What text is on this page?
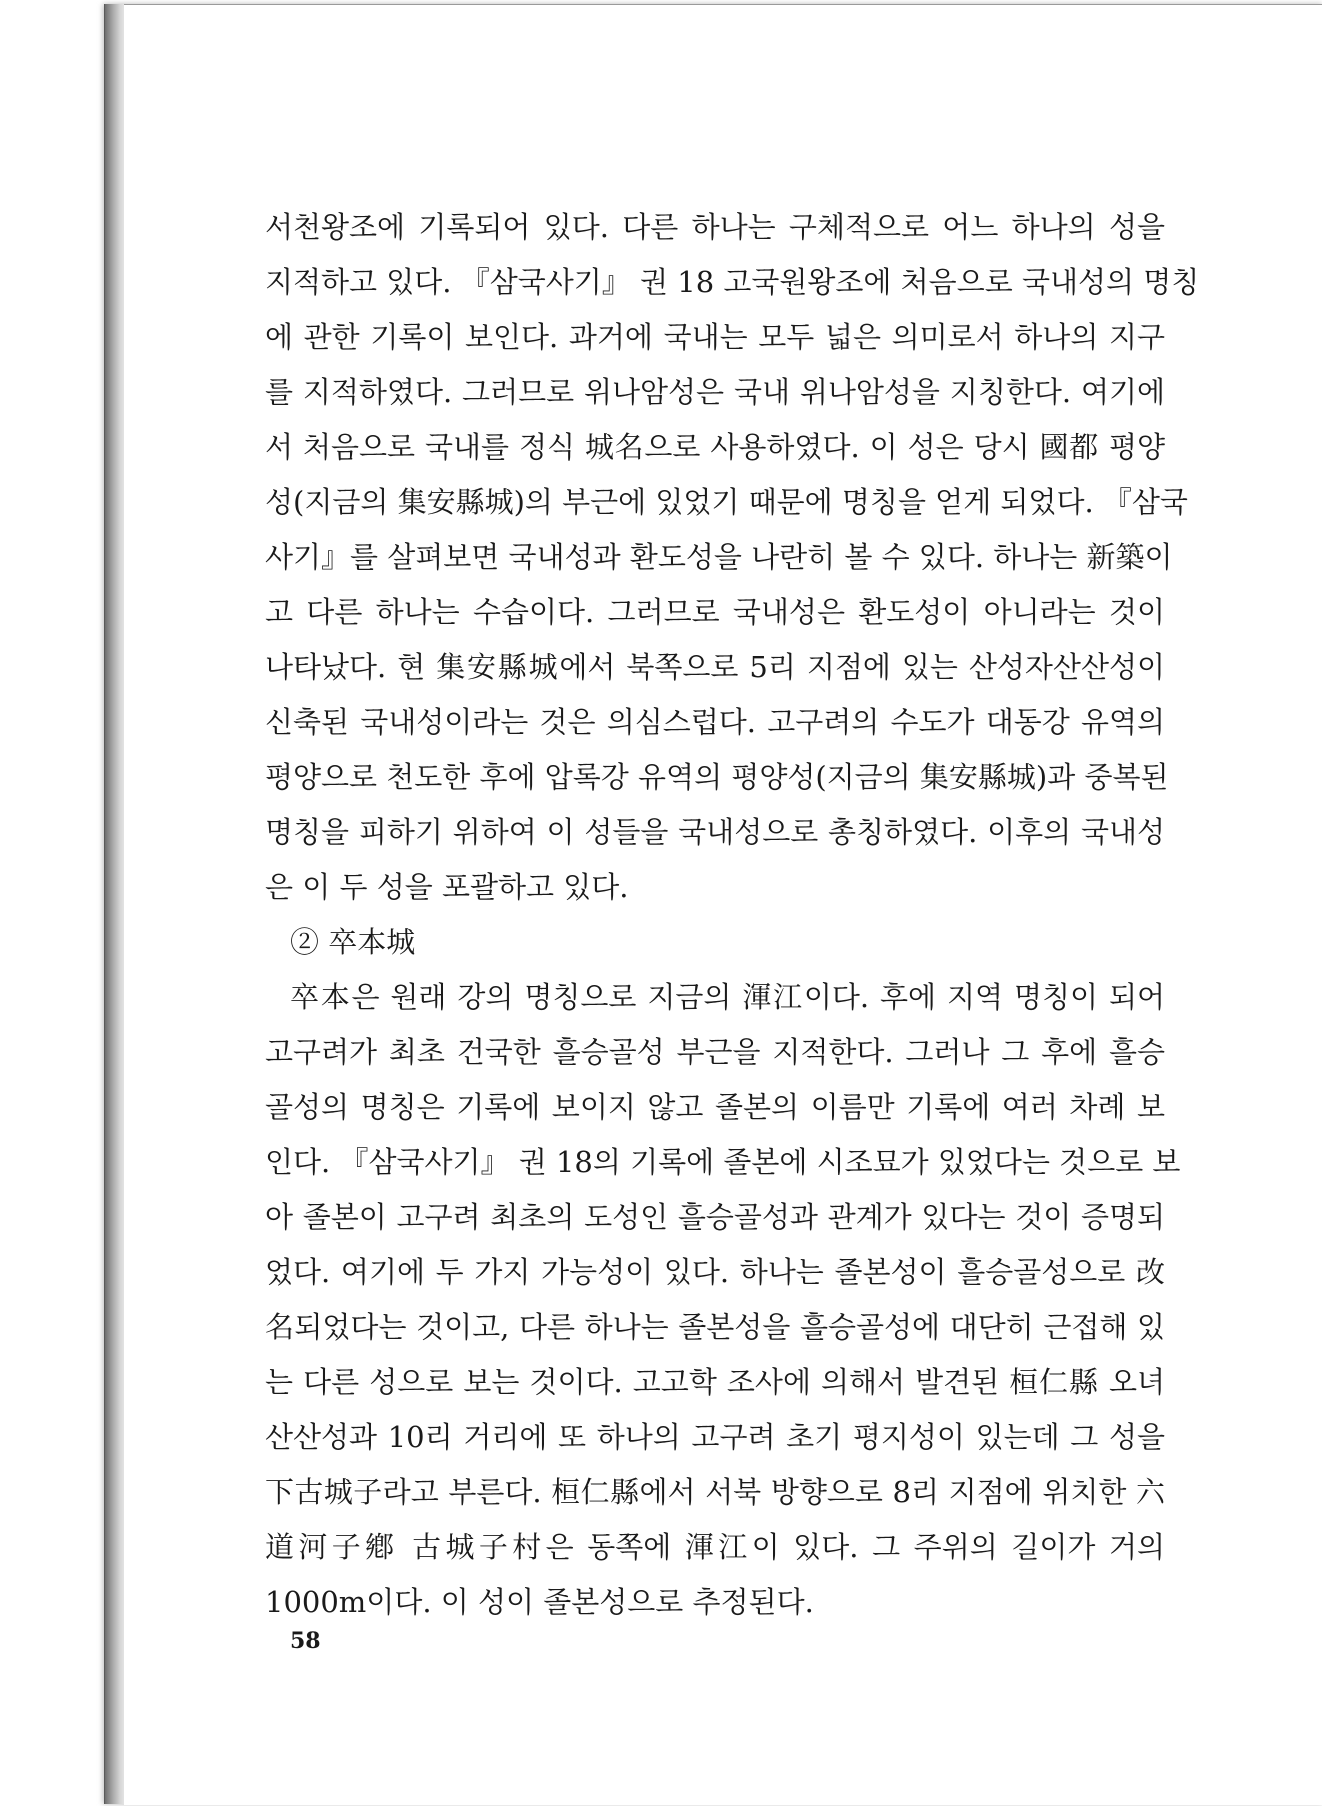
서천왕조에 기록되어 있다. 다른 하나는 구체적으로 어느 하나의 성을
지적하고 있다. 『삼국사기』 권 18 고국원왕조에 처음으로 국내성의 명칭
에 관한 기록이 보인다. 과거에 국내는 모두 넓은 의미로서 하나의 지구
를 지적하였다. 그러므로 위나암성은 국내 위나암성을 지칭한다. 여기에
서 처음으로 국내를 정식 城名으로 사용하였다. 이 성은 당시 國都 평양
성(지금의 集安縣城)의 부근에 있었기 때문에 명칭을 얻게 되었다. 『삼국
사기』를 살펴보면 국내성과 환도성을 나란히 볼 수 있다. 하나는 新築이
고 다른 하나는 수습이다. 그러므로 국내성은 환도성이 아니라는 것이
나타났다. 현 集安縣城에서 북쪽으로 5리 지점에 있는 산성자산산성이
신축된 국내성이라는 것은 의심스럽다. 고구려의 수도가 대동강 유역의
평양으로 천도한 후에 압록강 유역의 평양성(지금의 集安縣城)과 중복된
명칭을 피하기 위하여 이 성들을 국내성으로 총칭하였다. 이후의 국내성
은 이 두 성을 포괄하고 있다.
② 卒本城
卒本은 원래 강의 명칭으로 지금의 渾江이다. 후에 지역 명칭이 되어
고구려가 최초 건국한 흘승골성 부근을 지적한다. 그러나 그 후에 흘승
골성의 명칭은 기록에 보이지 않고 졸본의 이름만 기록에 여러 차례 보
인다. 『삼국사기』 권 18의 기록에 졸본에 시조묘가 있었다는 것으로 보
아 졸본이 고구려 최초의 도성인 흘승골성과 관계가 있다는 것이 증명되
었다. 여기에 두 가지 가능성이 있다. 하나는 졸본성이 흘승골성으로 改
名되었다는 것이고, 다른 하나는 졸본성을 흘승골성에 대단히 근접해 있
는 다른 성으로 보는 것이다. 고고학 조사에 의해서 발견된 桓仁縣 오녀
산산성과 10리 거리에 또 하나의 고구려 초기 평지성이 있는데 그 성을
下古城子라고 부른다. 桓仁縣에서 서북 방향으로 8리 지점에 위치한 六
道河子鄕 古城子村은 동쪽에 渾江이 있다. 그 주위의 길이가 거의
1000m이다. 이 성이 졸본성으로 추정된다.
58
